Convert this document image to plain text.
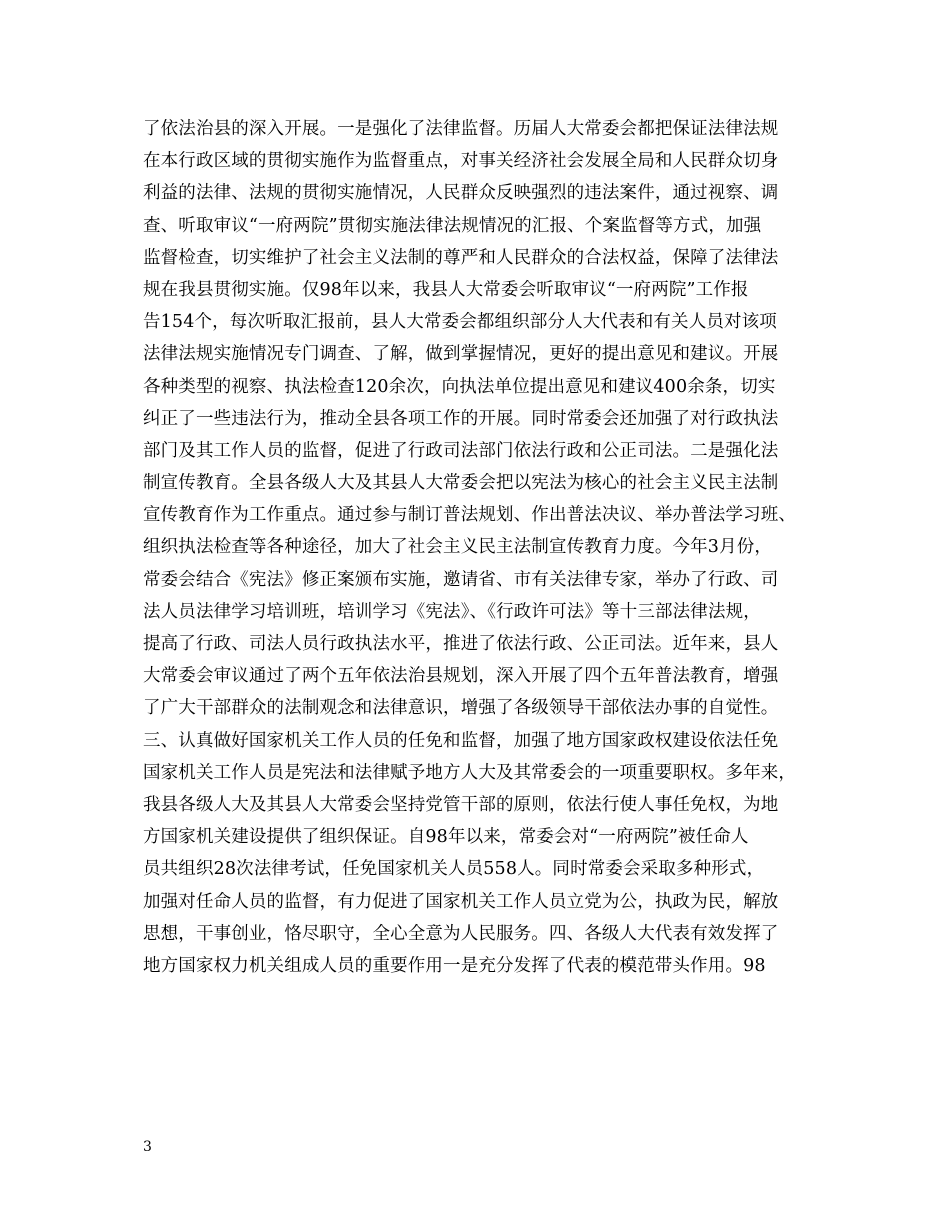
了依法治县的深入开展。一是强化了法律监督。历届人大常委会都把保证法律法规
在本行政区域的贯彻实施作为监督重点，对事关经济社会发展全局和人民群众切身
利益的法律、法规的贯彻实施情况，人民群众反映强烈的违法案件，通过视察、调
查、听取审议“一府两院”贯彻实施法律法规情况的汇报、个案监督等方式，加强
监督检查，切实维护了社会主义法制的尊严和人民群众的合法权益，保障了法律法
规在我县贯彻实施。仅98年以来，我县人大常委会听取审议“一府两院”工作报
告154个，每次听取汇报前，县人大常委会都组织部分人大代表和有关人员对该项
法律法规实施情况专门调查、了解，做到掌握情况，更好的提出意见和建议。开展
各种类型的视察、执法检查120余次，向执法单位提出意见和建议400余条，切实
纠正了一些违法行为，推动全县各项工作的开展。同时常委会还加强了对行政执法
部门及其工作人员的监督，促进了行政司法部门依法行政和公正司法。二是强化法
制宣传教育。全县各级人大及其县人大常委会把以宪法为核心的社会主义民主法制
宣传教育作为工作重点。通过参与制订普法规划、作出普法决议、举办普法学习班、
组织执法检查等各种途径，加大了社会主义民主法制宣传教育力度。今年3月份，
常委会结合《宪法》修正案颁布实施，邀请省、市有关法律专家，举办了行政、司
法人员法律学习培训班，培训学习《宪法》、《行政许可法》等十三部法律法规，
提高了行政、司法人员行政执法水平，推进了依法行政、公正司法。近年来，县人
大常委会审议通过了两个五年依法治县规划，深入开展了四个五年普法教育，增强
了广大干部群众的法制观念和法律意识，增强了各级领导干部依法办事的自觉性。
三、认真做好国家机关工作人员的任免和监督，加强了地方国家政权建设依法任免
国家机关工作人员是宪法和法律赋予地方人大及其常委会的一项重要职权。多年来，
我县各级人大及其县人大常委会坚持党管干部的原则，依法行使人事任免权，为地
方国家机关建设提供了组织保证。自98年以来，常委会对“一府两院”被任命人
员共组织28次法律考试，任免国家机关人员558人。同时常委会采取多种形式，
加强对任命人员的监督，有力促进了国家机关工作人员立党为公，执政为民，解放
思想，干事创业，恪尽职守，全心全意为人民服务。四、各级人大代表有效发挥了
地方国家权力机关组成人员的重要作用一是充分发挥了代表的模范带头作用。98
3
